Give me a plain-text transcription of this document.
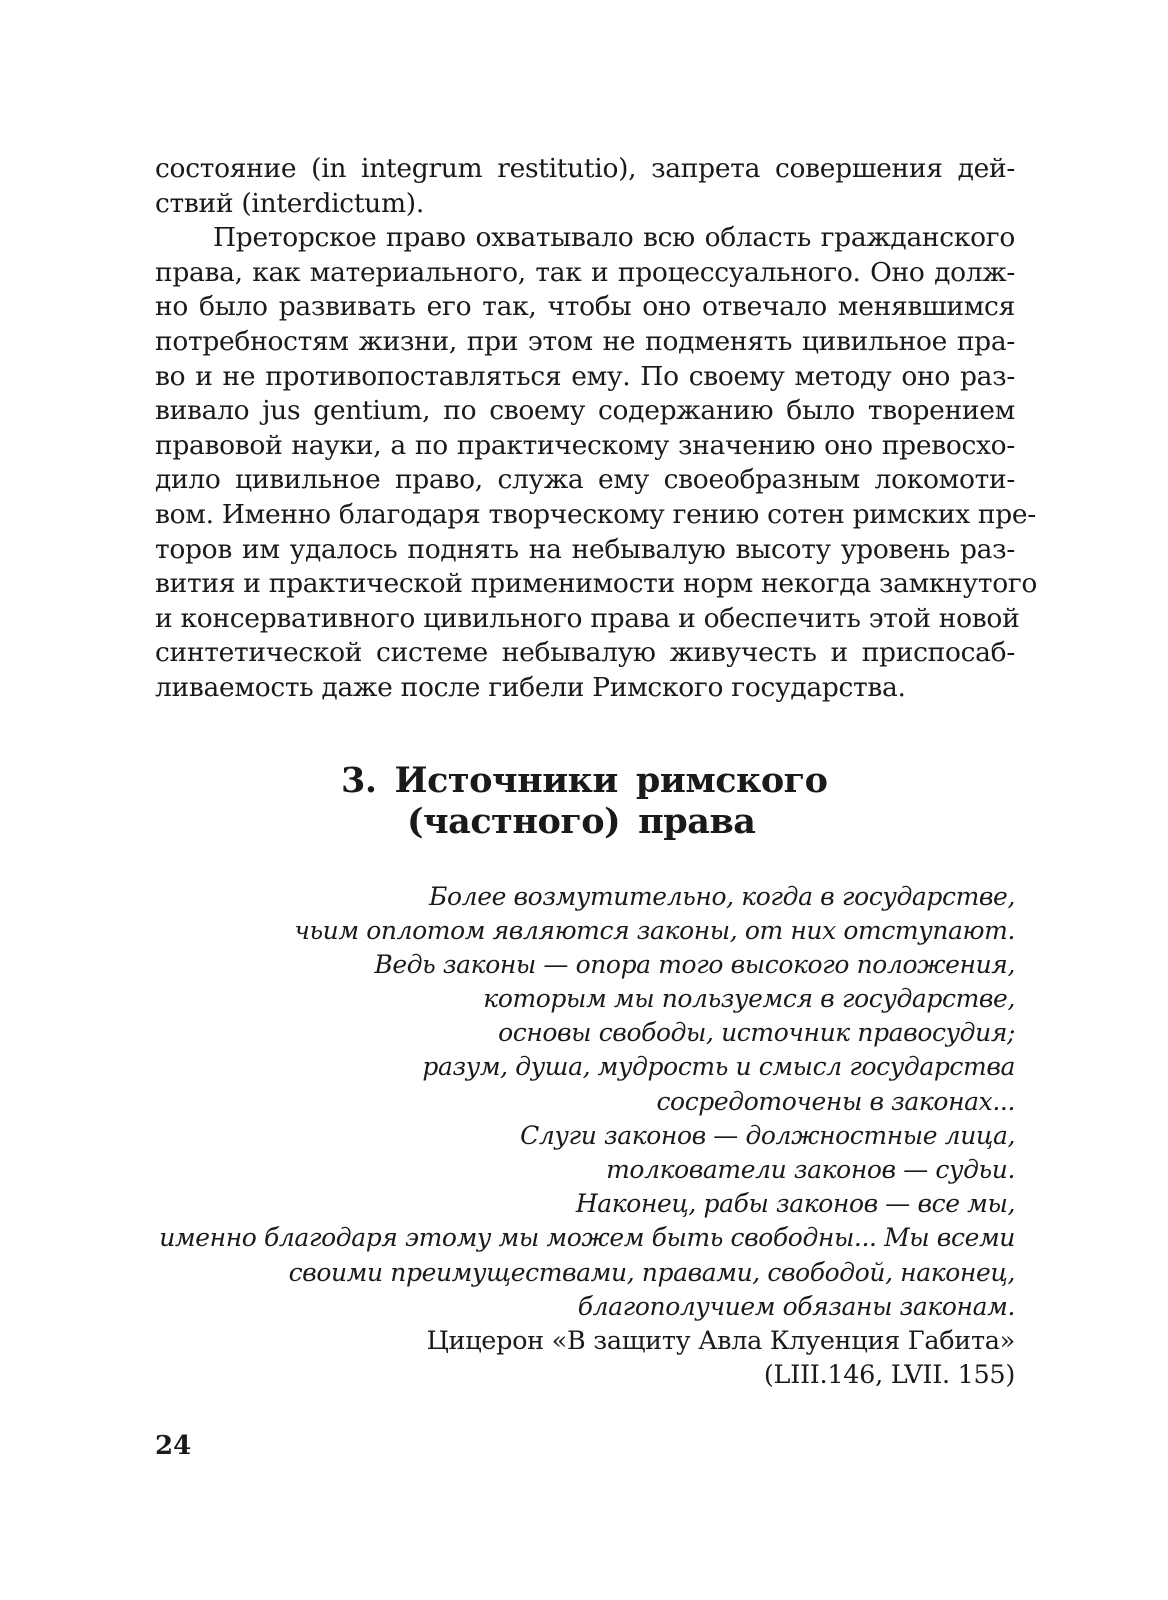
состояние (in integrum restitutio), запрета совершения дей-
ствий (interdictum).

Преторское право охватывало всю область гражданского
права, как материального, так и процессуального. Оно долж-
но было развивать его так, чтобы оно отвечало менявшимся
потребностям жизни, при этом не подменять цивильное пра-
во и не противопоставляться ему. По своему методу оно раз-
вивало jus gentium, по своему содержанию было творением
правовой науки, а по практическому значению оно превосхо-
дило цивильное право, служа ему своеобразным локомоти-
вом. Именно благодаря творческому гению сотен римских пре-
торов им удалось поднять на небывалую высоту уровень раз-
вития и практической применимости норм некогда замкнутого
и консервативного цивильного права и обеспечить этой новой
синтетической системе небывалую живучесть и приспосаб-
ливаемость даже после гибели Римского государства.

3. Источники римского
(частного) права
Более возмутительно, когда в государстве,
чьим оплотом являются законы, от них отступают.
Ведь законы — опора того высокого положения,
которым мы пользуемся в государстве,
основы свободы, источник правосудия;
разум, душа, мудрость и смысл государства
сосредоточены в законах...
Слуги законов — должностные лица,
толкователи законов — судьи.
Наконец, рабы законов — все мы,
именно благодаря этому мы можем быть свободны... Мы всеми
своими преимуществами, правами, свободой, наконец,
благополучием обязаны законам.
Цицерон «В защиту Авла Клуенция Габита»
(LIII.146, LVII. 155)
24
